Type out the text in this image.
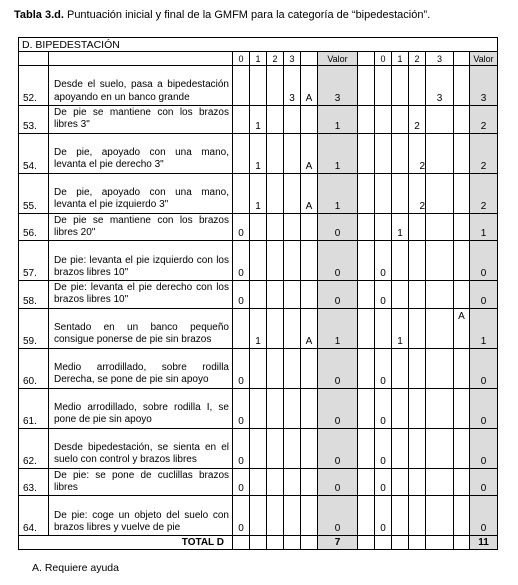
Tabla 3.d. Puntuación inicial y final de la GMFM para la categoría de “bipedestación”.
D. BIPEDESTACIÓN														
		0	1	2	3		Valor		0	1	2	3		Valor
52.	Desde el suelo, pasa a bipedestación apoyando en un banco grande				3	A	3					3		3
53.	De pie se mantiene con los brazos libres 3"		1				1				2			2
54.	De pie, apoyado con una mano, levanta el pie derecho 3"		1			A	1				2			2
55.	De pie, apoyado con una mano, levanta el pie izquierdo 3"		1			A	1				2			2
56.	De pie se mantiene con los brazos libres 20"	0					0			1				1
57.	De pie: levanta el pie izquierdo con los brazos libres 10"	0					0		0					0
58.	De pie: levanta el pie derecho con los brazos libres 10"	0					0		0					0
59.	Sentado en un banco pequeño consigue ponerse de pie sin brazos		1			A	1			1			A	1
60.	Medio arrodillado, sobre rodilla Derecha, se pone de pie sin apoyo	0					0		0					0
61.	Medio arrodillado, sobre rodilla I, se pone de pie sin apoyo	0					0		0					0
62.	Desde bipedestación, se sienta en el suelo con control y brazos libres	0					0		0					0
63.	De pie: se pone de cuclillas brazos libres	0					0		0					0
64.	De pie: coge un objeto del suelo con brazos libres y vuelve de pie	0					0		0					0
TOTAL D							7							11
A. Requiere ayuda
